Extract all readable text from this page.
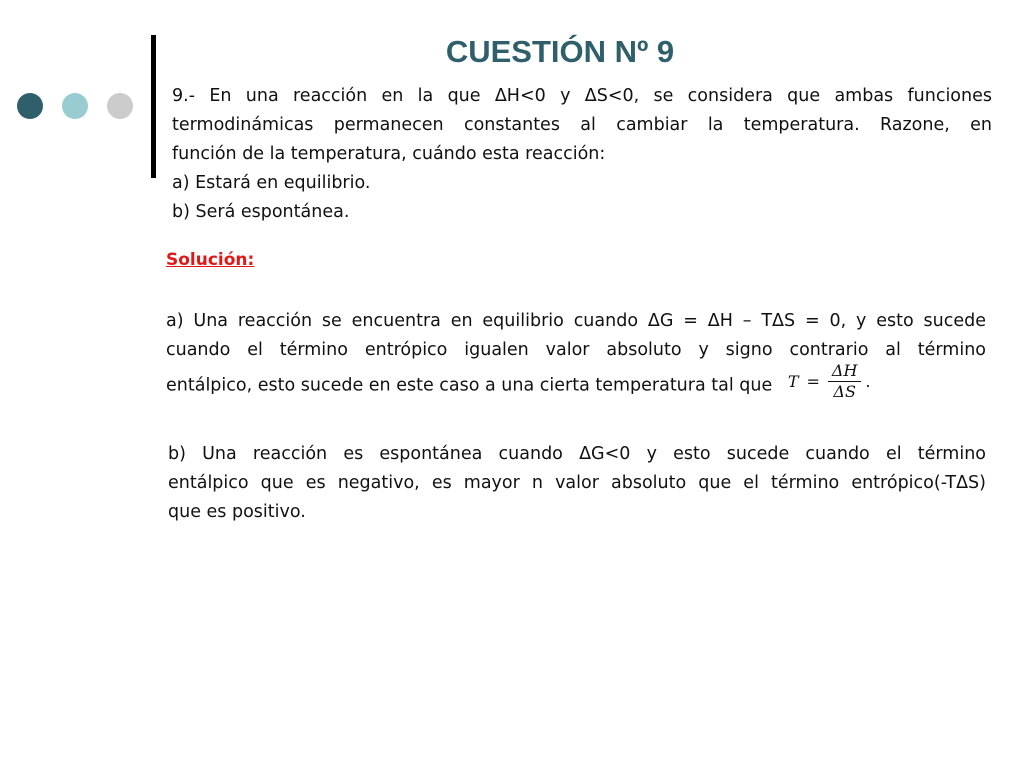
CUESTIÓN Nº 9
9.- En una reacción en la que ΔH<0 y ΔS<0, se considera que ambas funciones
termodinámicas permanecen constantes al cambiar la temperatura. Razone, en
función de la temperatura, cuándo esta reacción:
a) Estará en equilibrio.
b) Será espontánea.

Solución:

a) Una reacción se encuentra en equilibrio cuando ΔG = ΔH – TΔS = 0, y esto sucede
cuando el término entrópico igualen valor absoluto y signo contrario al término
entálpico, esto sucede en este caso a una cierta temperatura tal que $T = \frac{\Delta H}{\Delta S}$ .
b) Una reacción es espontánea cuando ΔG<0 y esto sucede cuando el término
entálpico que es negativo, es mayor n valor absoluto que el término entrópico(-TΔS)
que es positivo.
